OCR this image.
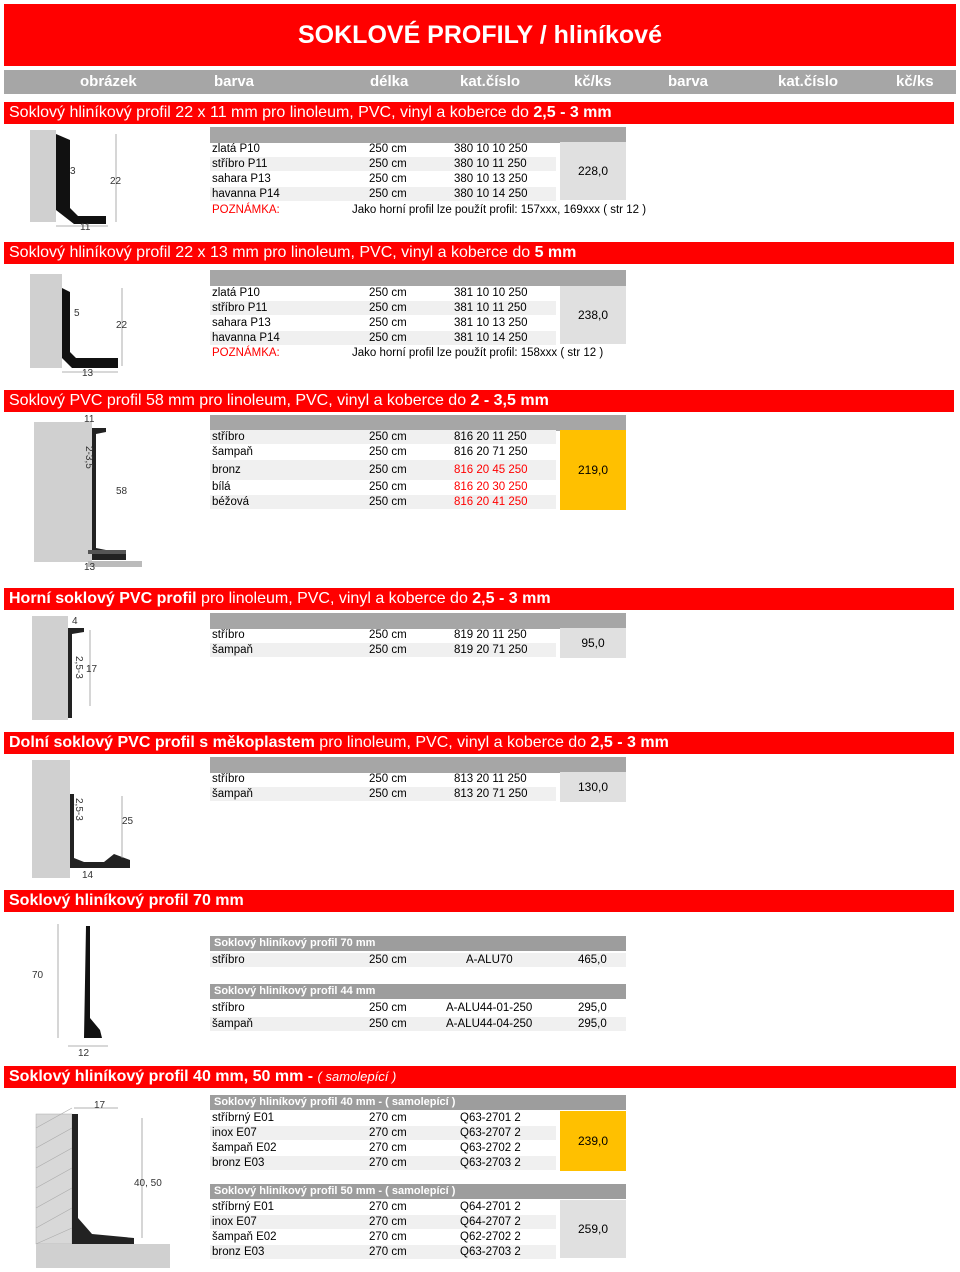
SOKLOVÉ PROFILY / hliníkové
obrázek	barva	délka	kat.číslo	kč/ks	barva	kat.číslo	kč/ks
Soklový hliníkový profil 22 x 11 mm pro linoleum, PVC, vinyl a koberce do 2,5 - 3 mm
3
22
11
zlatá P10	250 cm	380 10 10 250
stříbro P11	250 cm	380 10 11 250
sahara P13	250 cm	380 10 13 250
havanna P14	250 cm	380 10 14 250
228,0
POZNÁMKA:	Jako horní profil lze použít profil: 157xxx, 169xxx ( str 12 )
Soklový hliníkový profil 22 x 13 mm pro linoleum, PVC, vinyl a koberce do 5 mm
5
22
13
zlatá P10	250 cm	381 10 10 250
stříbro P11	250 cm	381 10 11 250
sahara P13	250 cm	381 10 13 250
havanna P14	250 cm	381 10 14 250
238,0
POZNÁMKA:	Jako horní profil lze použít profil: 158xxx ( str 12 )
Soklový PVC profil 58 mm pro linoleum, PVC, vinyl a koberce do 2 - 3,5 mm
11
2-3,5
58
13
stříbro	250 cm	816 20 11 250
šampaň	250 cm	816 20 71 250
bronz	250 cm	816 20 45 250
bílá	250 cm	816 20 30 250
béžová	250 cm	816 20 41 250
219,0
Horní soklový PVC profil pro linoleum, PVC, vinyl a koberce do 2,5 - 3 mm
4
2,5-3 17
stříbro	250 cm	819 20 11 250
šampaň	250 cm	819 20 71 250	95,0
Dolní soklový PVC profil s měkoplastem pro linoleum, PVC, vinyl a koberce do 2,5 - 3 mm
2,5-3
25
14
stříbro	250 cm	813 20 11 250
šampaň	250 cm	813 20 71 250	130,0
Soklový hliníkový profil 70 mm
70
12
Soklový hliníkový profil 70 mm
stříbro	250 cm	A-ALU70	465,0
Soklový hliníkový profil 44 mm
stříbro	250 cm	A-ALU44-01-250	295,0
šampaň	250 cm	A-ALU44-04-250	295,0
Soklový hliníkový profil 40 mm, 50 mm - ( samolepící )
17
40, 50
Soklový hliníkový profil 40 mm - ( samolepící )
stříbrný E01	270 cm	Q63-2701 2
inox E07	270 cm	Q63-2707 2
šampaň E02	270 cm	Q63-2702 2
bronz E03	270 cm	Q63-2703 2
239,0
Soklový hliníkový profil 50 mm - ( samolepící )
stříbrný E01	270 cm	Q64-2701 2
inox E07	270 cm	Q64-2707 2
šampaň E02	270 cm	Q62-2702 2
bronz E03	270 cm	Q63-2703 2
259,0
